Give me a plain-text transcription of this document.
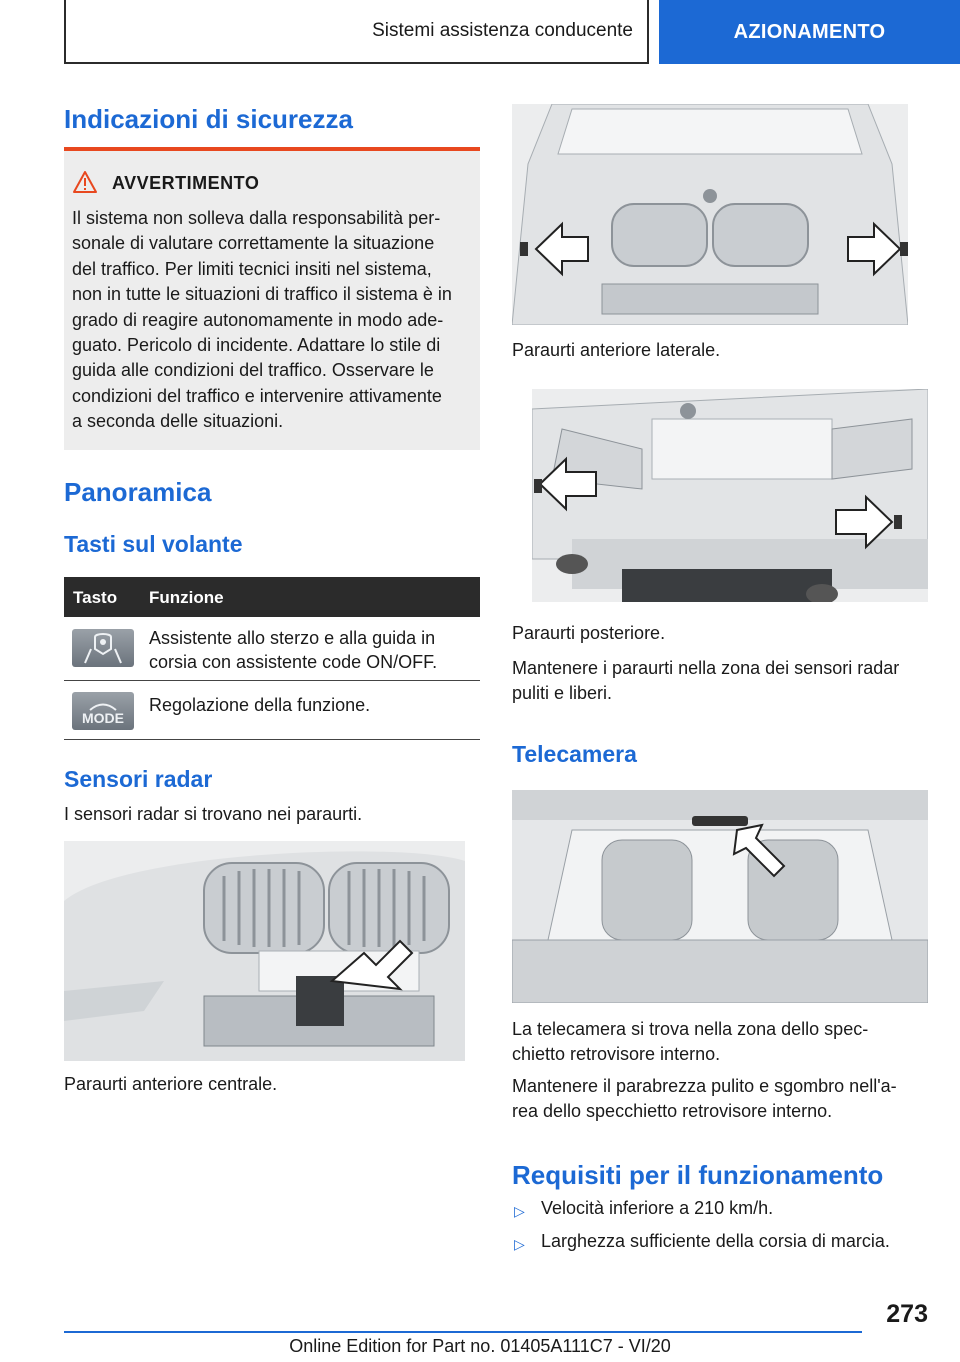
Sistemi assistenza conducente	AZIONAMENTO
Indicazioni di sicurezza
AVVERTIMENTO
Il sistema non solleva dalla responsabilità per-
sonale di valutare correttamente la situazione
del traffico. Per limiti tecnici insiti nel sistema,
non in tutte le situazioni di traffico il sistema è in
grado di reagire autonomamente in modo ade-
guato. Pericolo di incidente. Adattare lo stile di
guida alle condizioni del traffico. Osservare le
condizioni del traffico e intervenire attivamente
a seconda delle situazioni.
Panoramica
Tasti sul volante
Tasto Funzione
Assistente allo sterzo e alla guida in
corsia con assistente code ON/OFF.
MODE
Regolazione della funzione.
Sensori radar
I sensori radar si trovano nei paraurti.
Paraurti anteriore centrale.
Paraurti anteriore laterale.
Paraurti posteriore.
Mantenere i paraurti nella zona dei sensori radar
puliti e liberi.
Telecamera
La telecamera si trova nella zona dello spec-
chietto retrovisore interno.
Mantenere il parabrezza pulito e sgombro nell'a-
rea dello specchietto retrovisore interno.
Requisiti per il funzionamento
▷ Velocità inferiore a 210 km/h.
▷ Larghezza sufficiente della corsia di marcia.
273
Online Edition for Part no. 01405A111C7 - VI/20
